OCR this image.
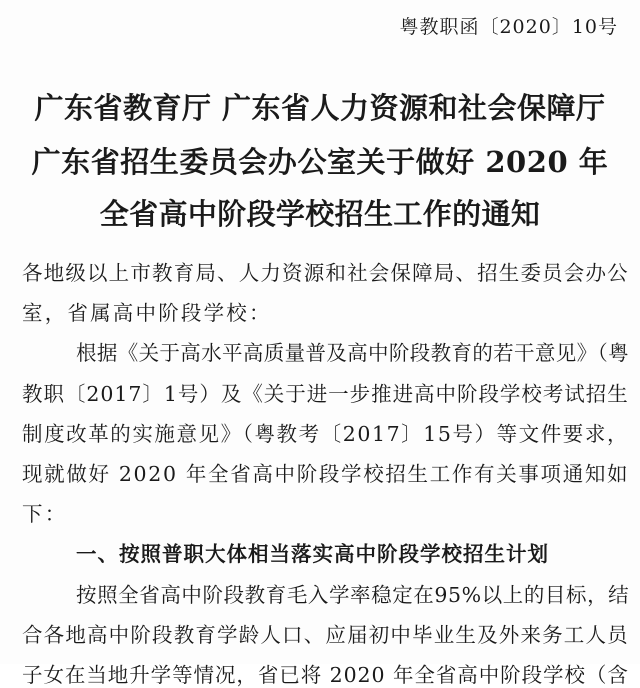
粤教职函〔2020〕10号
广东省教育厅 广东省人力资源和社会保障厅
广东省招生委员会办公室关于做好 2020 年
全省高中阶段学校招生工作的通知
各地级以上市教育局、人力资源和社会保障局、招生委员会办公
室，省属高中阶段学校：
根据《关于高水平高质量普及高中阶段教育的若干意见》（粤
教职〔2017〕1号）及《关于进一步推进高中阶段学校考试招生
制度改革的实施意见》（粤教考〔2017〕15号）等文件要求，
现就做好 2020 年全省高中阶段学校招生工作有关事项通知如
下：
一、按照普职大体相当落实高中阶段学校招生计划
按照全省高中阶段教育毛入学率稳定在95%以上的目标，结
合各地高中阶段教育学龄人口、应届初中毕业生及外来务工人员
子女在当地升学等情况，省已将 2020 年全省高中阶段学校（含
